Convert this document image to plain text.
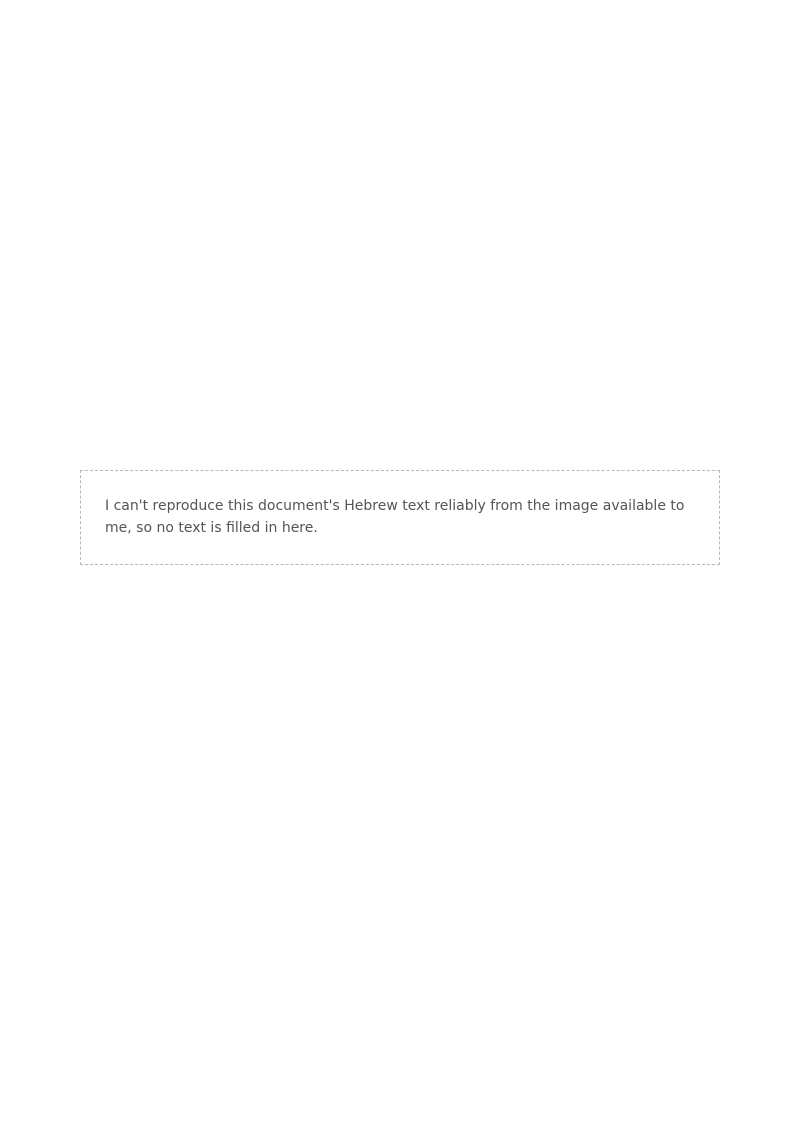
I can't reproduce this document's Hebrew text reliably from the image available to me, so no text is filled in here.
